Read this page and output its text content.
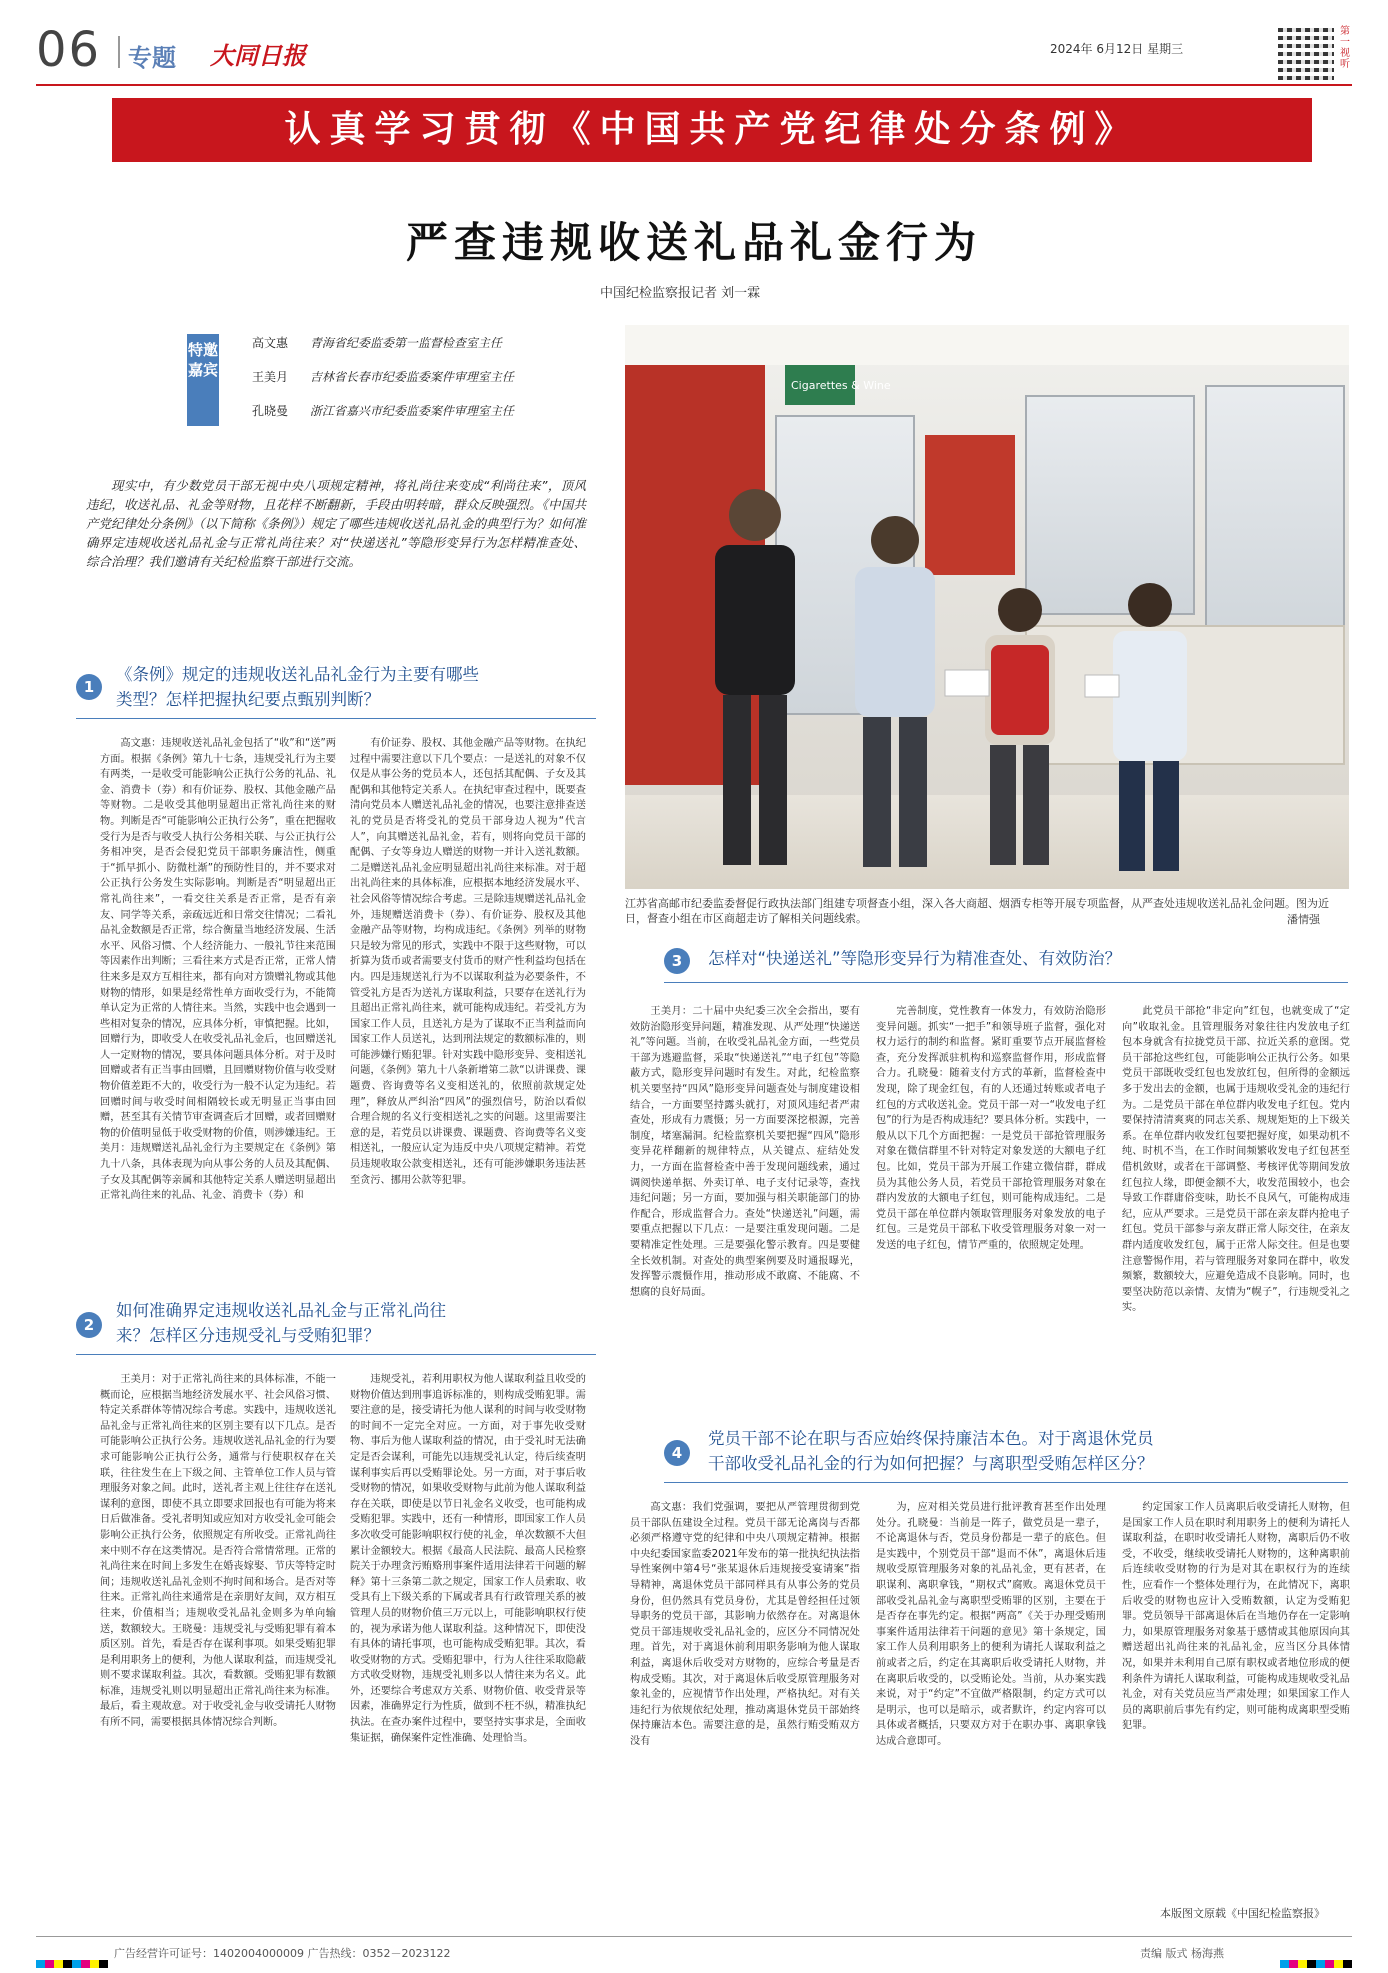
06 专题 大同日报	2024年 6月12日 星期三
第一视听
认真学习贯彻《中国共产党纪律处分条例》
严查违规收送礼品礼金行为
中国纪检监察报记者 刘一霖
特邀嘉宾
高文惠 青海省纪委监委第一监督检查室主任
王美月 吉林省长春市纪委监委案件审理室主任
孔晓曼 浙江省嘉兴市纪委监委案件审理室主任
现实中，有少数党员干部无视中央八项规定精神，将礼尚往来变成“利尚往来”，顶风违纪，收送礼品、礼金等财物，且花样不断翻新，手段由明转暗，群众反映强烈。《中国共产党纪律处分条例》（以下简称《条例》）规定了哪些违规收送礼品礼金的典型行为？如何准确界定违规收送礼品礼金与正常礼尚往来？对“快递送礼”等隐形变异行为怎样精准查处、综合治理？我们邀请有关纪检监察干部进行交流。
Cigarettes & Wine
江苏省高邮市纪委监委督促行政执法部门组建专项督查小组，深入各大商超、烟酒专柜等开展专项监督，从严查处违规收送礼品礼金问题。图为近日，督查小组在市区商超走访了解相关问题线索。	潘情强
1
《条例》规定的违规收送礼品礼金行为主要有哪些
类型？怎样把握执纪要点甄别判断？

高文惠：违规收送礼品礼金包括了“收”和“送”两方面。根据《条例》第九十七条，违规受礼行为主要有两类，一是收受可能影响公正执行公务的礼品、礼金、消费卡（券）和有价证券、股权、其他金融产品等财物。二是收受其他明显超出正常礼尚往来的财物。判断是否“可能影响公正执行公务”，重在把握收受行为是否与收受人执行公务相关联、与公正执行公务相冲突，是否会侵犯党员干部职务廉洁性，侧重于“抓早抓小、防微杜渐”的预防性目的，并不要求对公正执行公务发生实际影响。判断是否“明显超出正常礼尚往来”，一看交往关系是否正常，是否有亲友、同学等关系，亲疏远近和日常交往情况；二看礼品礼金数额是否正常，综合衡量当地经济发展、生活水平、风俗习惯、个人经济能力、一般礼节往来范围等因素作出判断；三看往来方式是否正常，正常人情往来多是双方互相往来，都有向对方馈赠礼物或其他财物的情形，如果是经常性单方面收受行为，不能简单认定为正常的人情往来。当然，实践中也会遇到一些相对复杂的情况，应具体分析，审慎把握。比如，回赠行为，即收受人在收受礼品礼金后，也回赠送礼人一定财物的情况，要具体问题具体分析。对于及时回赠或者有正当事由回赠，且回赠财物价值与收受财物价值差距不大的，收受行为一般不认定为违纪。若回赠时间与收受时间相隔较长或无明显正当事由回赠，甚至其有关情节审查调查后才回赠，或者回赠财物的价值明显低于收受财物的价值，则涉嫌违纪。王美月：违规赠送礼品礼金行为主要规定在《条例》第九十八条，具体表现为向从事公务的人员及其配偶、子女及其配偶等亲属和其他特定关系人赠送明显超出正常礼尚往来的礼品、礼金、消费卡（券）和

有价证券、股权、其他金融产品等财物。在执纪过程中需要注意以下几个要点：一是送礼的对象不仅仅是从事公务的党员本人，还包括其配偶、子女及其配偶和其他特定关系人。在执纪审查过程中，既要查清向党员本人赠送礼品礼金的情况，也要注意排查送礼的党员是否将受礼的党员干部身边人视为“代言人”，向其赠送礼品礼金，若有，则将向党员干部的配偶、子女等身边人赠送的财物一并计入送礼数额。二是赠送礼品礼金应明显超出礼尚往来标准。对于超出礼尚往来的具体标准，应根据本地经济发展水平、社会风俗等情况综合考虑。三是除违规赠送礼品礼金外，违规赠送消费卡（券）、有价证券、股权及其他金融产品等财物，均构成违纪。《条例》列举的财物只是较为常见的形式，实践中不限于这些财物，可以折算为货币或者需要支付货币的财产性利益均包括在内。四是违规送礼行为不以谋取利益为必要条件，不管受礼方是否为送礼方谋取利益，只要存在送礼行为且超出正常礼尚往来，就可能构成违纪。若受礼方为国家工作人员，且送礼方是为了谋取不正当利益而向国家工作人员送礼，达到刑法规定的数额标准的，则可能涉嫌行贿犯罪。针对实践中隐形变异、变相送礼问题，《条例》第九十八条新增第二款“以讲课费、课题费、咨询费等名义变相送礼的，依照前款规定处理”，释放从严纠治“四风”的强烈信号，防治以看似合理合规的名义行变相送礼之实的问题。这里需要注意的是，若党员以讲课费、课题费、咨询费等名义变相送礼，一般应认定为违反中央八项规定精神。若党员违规收取公款变相送礼，还有可能涉嫌职务违法甚至贪污、挪用公款等犯罪。

2
如何准确界定违规收送礼品礼金与正常礼尚往
来？怎样区分违规受礼与受贿犯罪？

王美月：对于正常礼尚往来的具体标准，不能一概而论，应根据当地经济发展水平、社会风俗习惯、特定关系群体等情况综合考虑。实践中，违规收送礼品礼金与正常礼尚往来的区别主要有以下几点。是否可能影响公正执行公务。违规收送礼品礼金的行为要求可能影响公正执行公务，通常与行使职权存在关联，往往发生在上下级之间、主管单位工作人员与管理服务对象之间。此时，送礼者主观上往往存在送礼谋利的意图，即使不具立即要求回报也有可能为将来日后做准备。受礼者明知或应知对方收受礼金可能会影响公正执行公务，依照规定有所收受。正常礼尚往来中则不存在这类情况。是否符合常情常理。正常的礼尚往来在时间上多发生在婚丧嫁娶、节庆等特定时间；违规收送礼品礼金则不拘时间和场合。是否对等往来。正常礼尚往来通常是在亲朋好友间，双方相互往来，价值相当；违规收受礼品礼金则多为单向输送，数额较大。王晓曼：违规受礼与受贿犯罪有着本质区别。首先，看是否存在谋利事项。如果受贿犯罪是利用职务上的便利，为他人谋取利益，而违规受礼则不要求谋取利益。其次，看数额。受贿犯罪有数额标准，违规受礼则以明显超出正常礼尚往来为标准。最后，看主观故意。对于收受礼金与收受请托人财物有所不同，需要根据具体情况综合判断。

违规受礼，若利用职权为他人谋取利益且收受的财物价值达到刑事追诉标准的，则构成受贿犯罪。需要注意的是，接受请托为他人谋利的时间与收受财物的时间不一定完全对应。一方面，对于事先收受财物、事后为他人谋取利益的情况，由于受礼时无法确定是否会谋利，可能先以违规受礼认定，待后续查明谋利事实后再以受贿罪论处。另一方面，对于事后收受财物的情况，如果收受财物与此前为他人谋取利益存在关联，即使是以节日礼金名义收受，也可能构成受贿犯罪。实践中，还有一种情形，即国家工作人员多次收受可能影响职权行使的礼金，单次数额不大但累计金额较大。根据《最高人民法院、最高人民检察院关于办理贪污贿赂刑事案件适用法律若干问题的解释》第十三条第二款之规定，国家工作人员索取、收受具有上下级关系的下属或者具有行政管理关系的被管理人员的财物价值三万元以上，可能影响职权行使的，视为承诺为他人谋取利益。这种情况下，即使没有具体的请托事项，也可能构成受贿犯罪。其次，看收受财物的方式。受贿犯罪中，行为人往往采取隐蔽方式收受财物，违规受礼则多以人情往来为名义。此外，还要综合考虑双方关系、财物价值、收受背景等因素，准确界定行为性质，做到不枉不纵，精准执纪执法。在查办案件过程中，要坚持实事求是，全面收集证据，确保案件定性准确、处理恰当。

3	怎样对“快递送礼”等隐形变异行为精准查处、有效防治？

王美月：二十届中央纪委三次全会指出，要有效防治隐形变异问题，精准发现、从严处理“快递送礼”等问题。当前，在收受礼品礼金方面，一些党员干部为逃避监督，采取“快递送礼”“电子红包”等隐蔽方式，隐形变异问题时有发生。对此，纪检监察机关要坚持“四风”隐形变异问题查处与制度建设相结合，一方面要坚持露头就打，对顶风违纪者严肃查处，形成有力震慑；另一方面要深挖根源，完善制度，堵塞漏洞。纪检监察机关要把握“四风”隐形变异花样翻新的规律特点，从关键点、症结处发力，一方面在监督检查中善于发现问题线索，通过调阅快递单据、外卖订单、电子支付记录等，查找违纪问题；另一方面，要加强与相关职能部门的协作配合，形成监督合力。查处“快递送礼”问题，需要重点把握以下几点：一是要注重发现问题。二是要精准定性处理。三是要强化警示教育。四是要健全长效机制。对查处的典型案例要及时通报曝光，发挥警示震慑作用，推动形成不敢腐、不能腐、不想腐的良好局面。

完善制度，党性教育一体发力，有效防治隐形变异问题。抓实“一把手”和领导班子监督，强化对权力运行的制约和监督。紧盯重要节点开展监督检查，充分发挥派驻机构和巡察监督作用，形成监督合力。孔晓曼：随着支付方式的革新，监督检查中发现，除了现金红包，有的人还通过转账或者电子红包的方式收送礼金。党员干部一对一“收发电子红包”的行为是否构成违纪？要具体分析。实践中，一般从以下几个方面把握：一是党员干部抢管理服务对象在微信群里不针对特定对象发送的大额电子红包。比如，党员干部为开展工作建立微信群，群成员为其他公务人员，若党员干部抢管理服务对象在群内发放的大额电子红包，则可能构成违纪。二是党员干部在单位群内领取管理服务对象发放的电子红包。三是党员干部私下收受管理服务对象一对一发送的电子红包，情节严重的，依照规定处理。

此党员干部抢“非定向”红包，也就变成了“定向”收取礼金。且管理服务对象往往内发放电子红包本身就含有拉拢党员干部、拉近关系的意图。党员干部抢这些红包，可能影响公正执行公务。如果党员干部既收受红包也发放红包，但所得的金额远多于发出去的金额，也属于违规收受礼金的违纪行为。二是党员干部在单位群内收发电子红包。党内要保持清清爽爽的同志关系、规规矩矩的上下级关系。在单位群内收发红包要把握好度，如果动机不纯、时机不当，在工作时间频繁收发电子红包甚至借机敛财，或者在干部调整、考核评优等期间发放红包拉人缘，即便金额不大，收发范围较小，也会导致工作群庸俗变味，助长不良风气，可能构成违纪，应从严要求。三是党员干部在亲友群内抢电子红包。党员干部参与亲友群正常人际交往，在亲友群内适度收发红包，属于正常人际交往。但是也要注意警惕作用，若与管理服务对象同在群中，收发频繁，数额较大，应避免造成不良影响。同时，也要坚决防范以亲情、友情为“幌子”，行违规受礼之实。

4
党员干部不论在职与否应始终保持廉洁本色。对于离退休党员
干部收受礼品礼金的行为如何把握？与离职型受贿怎样区分？

高文惠：我们党强调，要把从严管理贯彻到党员干部队伍建设全过程。党员干部无论离岗与否都必须严格遵守党的纪律和中央八项规定精神。根据中央纪委国家监委2021年发布的第一批执纪执法指导性案例中第4号“张某退休后违规接受宴请案”指导精神，离退休党员干部同样具有从事公务的党员身份，但仍然具有党员身份，尤其是曾经担任过领导职务的党员干部，其影响力依然存在。对离退休党员干部违规收受礼品礼金的，应区分不同情况处理。首先，对于离退休前利用职务影响为他人谋取利益，离退休后收受对方财物的，应综合考量是否构成受贿。其次，对于离退休后收受原管理服务对象礼金的，应视情节作出处理，严格执纪。对有关违纪行为依规依纪处理，推动离退休党员干部始终保持廉洁本色。需要注意的是，虽然行贿受贿双方没有

为，应对相关党员进行批评教育甚至作出处理处分。孔晓曼：当前是一阵子，做党员是一辈子，不论离退休与否，党员身份都是一辈子的底色。但是实践中，个别党员干部“退而不休”，离退休后违规收受原管理服务对象的礼品礼金，更有甚者，在职谋利、离职拿钱，“期权式”腐败。离退休党员干部收受礼品礼金与离职型受贿罪的区别，主要在于是否存在事先约定。根据“两高”《关于办理受贿刑事案件适用法律若干问题的意见》第十条规定，国家工作人员利用职务上的便利为请托人谋取利益之前或者之后，约定在其离职后收受请托人财物，并在离职后收受的，以受贿论处。当前，从办案实践来说，对于“约定”不宜做严格限制，约定方式可以是明示，也可以是暗示，或者默许，约定内容可以具体或者概括，只要双方对于在职办事、离职拿钱达成合意即可。

约定国家工作人员离职后收受请托人财物，但是国家工作人员在职时利用职务上的便利为请托人谋取利益，在职时收受请托人财物，离职后仍不收受，不收受，继续收受请托人财物的，这种离职前后连续收受财物的行为是对其在职权行为的连续性，应看作一个整体处理行为，在此情况下，离职后收受的财物也应计入受贿数额，认定为受贿犯罪。党员领导干部离退休后在当地仍存在一定影响力，如果原管理服务对象基于感情或其他原因向其赠送超出礼尚往来的礼品礼金，应当区分具体情况，如果并未利用自己原有职权或者地位形成的便利条件为请托人谋取利益，可能构成违规收受礼品礼金，对有关党员应当严肃处理；如果国家工作人员的离职前后事先有约定，则可能构成离职型受贿犯罪。

本版图文原载《中国纪检监察报》
广告经营许可证号：1402004000009 广告热线：0352－2023122	责编 版式 杨海燕
